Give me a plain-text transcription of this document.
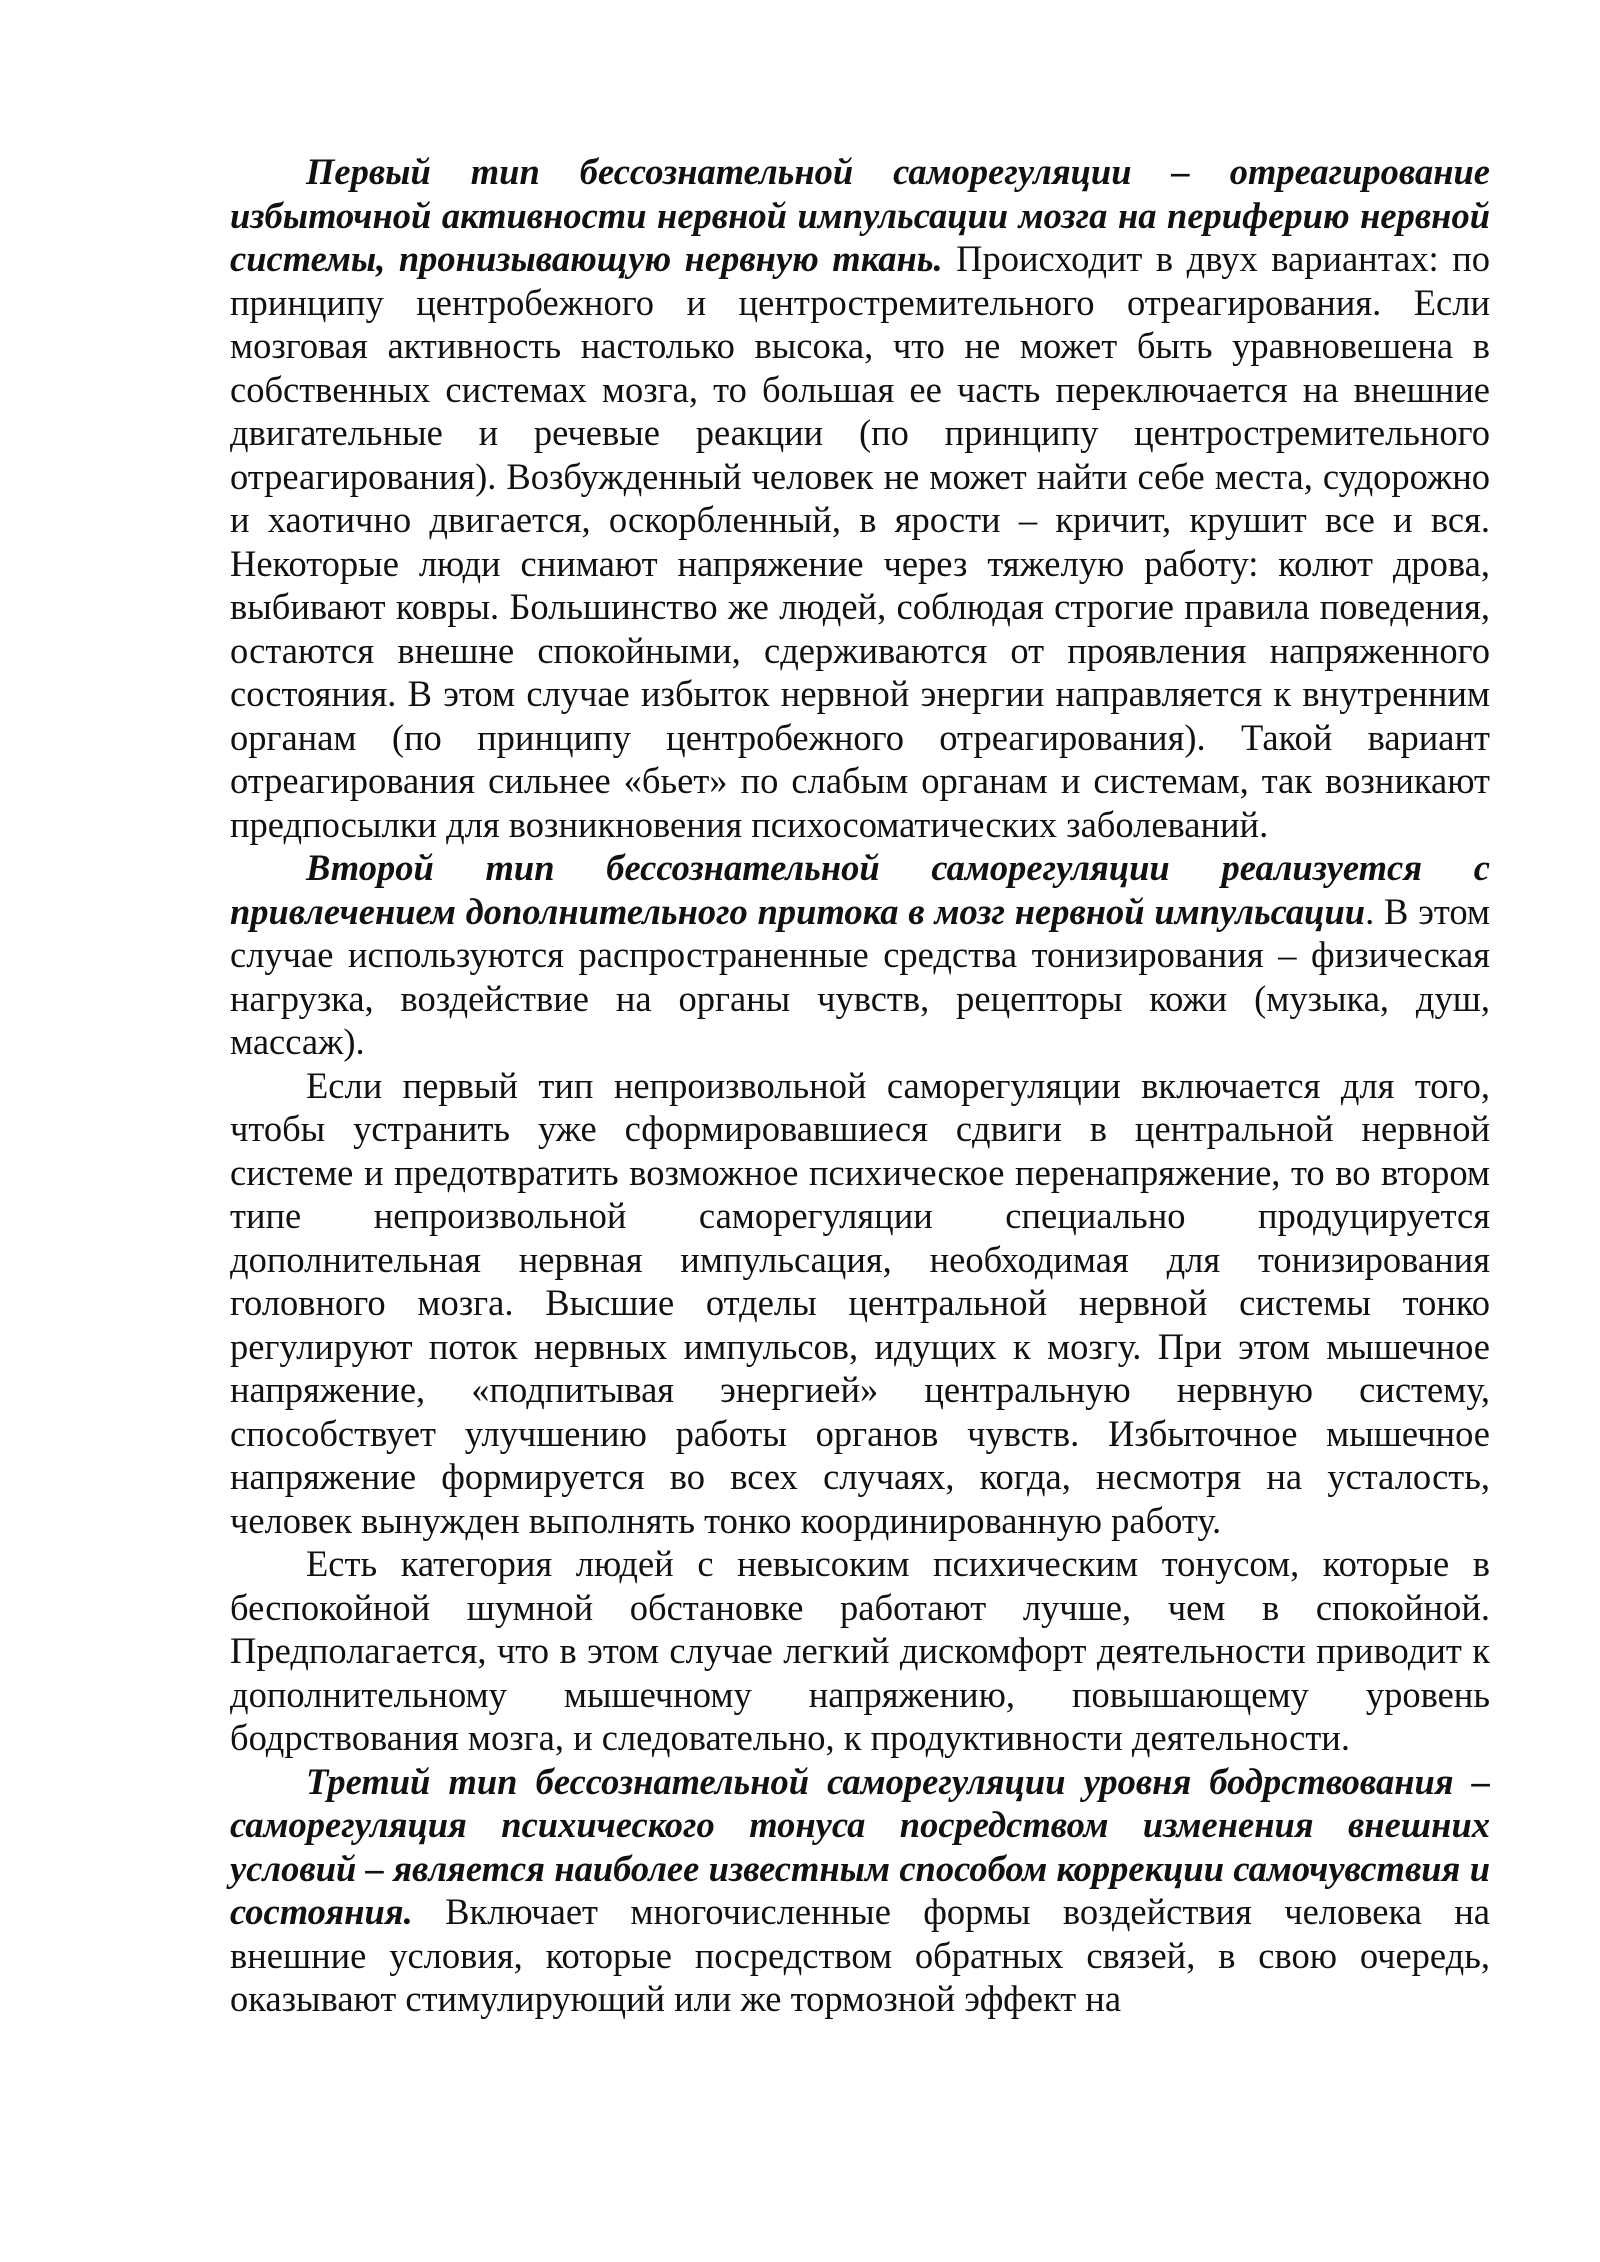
Первый тип бессознательной саморегуляции – отреагирование избыточной активности нервной импульсации мозга на периферию нервной системы, пронизывающую нервную ткань. Происходит в двух вариантах: по принципу центробежного и центростремительного отреагирования. Если мозговая активность настолько высока, что не может быть уравновешена в собственных системах мозга, то большая ее часть переключается на внешние двигательные и речевые реакции (по принципу центростремительного отреагирования). Возбужденный человек не может найти себе места, судорожно и хаотично двигается, оскорбленный, в ярости – кричит, крушит все и вся. Некоторые люди снимают напряжение через тяжелую работу: колют дрова, выбивают ковры. Большинство же людей, соблюдая строгие правила поведения, остаются внешне спокойными, сдерживаются от проявления напряженного состояния. В этом случае избыток нервной энергии направляется к внутренним органам (по принципу центробежного отреагирования). Такой вариант отреагирования сильнее «бьет» по слабым органам и системам, так возникают предпосылки для возникновения психосоматических заболеваний.

Второй тип бессознательной саморегуляции реализуется с привлечением дополнительного притока в мозг нервной импульсации. В этом случае используются распространенные средства тонизирования – физическая нагрузка, воздействие на органы чувств, рецепторы кожи (музыка, душ, массаж).

Если первый тип непроизвольной саморегуляции включается для того, чтобы устранить уже сформировавшиеся сдвиги в центральной нервной системе и предотвратить возможное психическое перенапряжение, то во втором типе непроизвольной саморегуляции специально продуцируется дополнительная нервная импульсация, необходимая для тонизирования головного мозга. Высшие отделы центральной нервной системы тонко регулируют поток нервных импульсов, идущих к мозгу. При этом мышечное напряжение, «подпитывая энергией» центральную нервную систему, способствует улучшению работы органов чувств. Избыточное мышечное напряжение формируется во всех случаях, когда, несмотря на усталость, человек вынужден выполнять тонко координированную работу.

Есть категория людей с невысоким психическим тонусом, которые в беспокойной шумной обстановке работают лучше, чем в спокойной. Предполагается, что в этом случае легкий дискомфорт деятельности приводит к дополнительному мышечному напряжению, повышающему уровень бодрствования мозга, и следовательно, к продуктивности деятельности.

Третий тип бессознательной саморегуляции уровня бодрствования – саморегуляция психического тонуса посредством изменения внешних условий – является наиболее известным способом коррекции самочувствия и состояния. Включает многочисленные формы воздействия человека на внешние условия, которые посредством обратных связей, в свою очередь, оказывают стимулирующий или же тормозной эффект на
